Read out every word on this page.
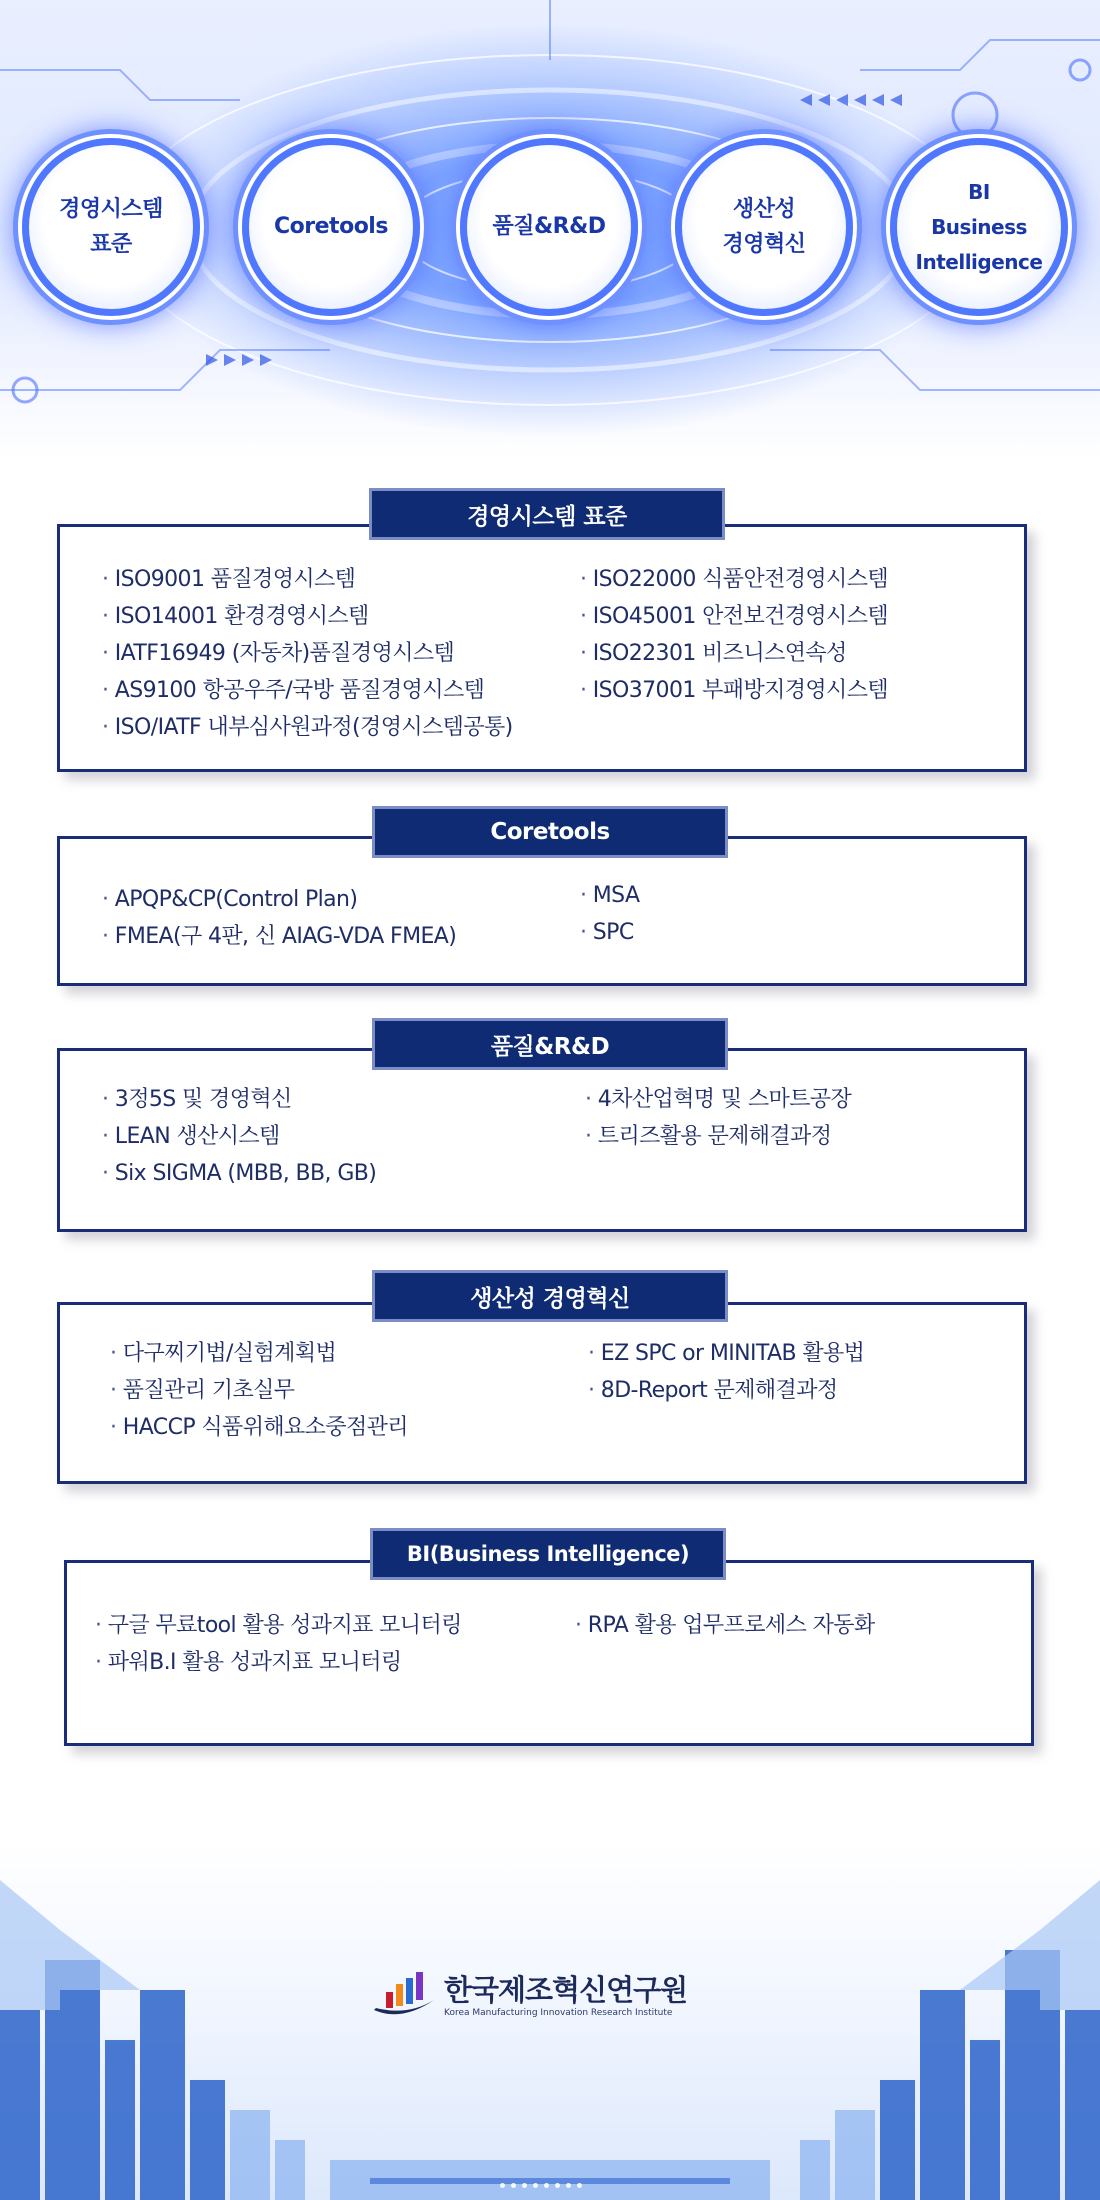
경영시스템
표준
Coretools	품질&R&D
생산성
경영혁신
BI
Business
Intelligence
· ISO9001 품질경영시스템
· ISO14001 환경경영시스템
· IATF16949 (자동차)품질경영시스템
· AS9100 항공우주/국방 품질경영시스템
· ISO/IATF 내부심사원과정(경영시스템공통)
· ISO22000 식품안전경영시스템
· ISO45001 안전보건경영시스템
· ISO22301 비즈니스연속성
· ISO37001 부패방지경영시스템
경영시스템 표준
· APQP&CP(Control Plan)
· FMEA(구 4판, 신 AIAG-VDA FMEA)
· MSA
· SPC
Coretools
· 3정5S 및 경영혁신
· LEAN 생산시스템
· Six SIGMA (MBB, BB, GB)
· 4차산업혁명 및 스마트공장
· 트리즈활용 문제해결과정
품질&R&D
· 다구찌기법/실험계획법
· 품질관리 기초실무
· HACCP 식품위해요소중점관리
· EZ SPC or MINITAB 활용법
· 8D-Report 문제해결과정
생산성 경영혁신
· 구글 무료tool 활용 성과지표 모니터링
· 파워B.I 활용 성과지표 모니터링
· RPA 활용 업무프로세스 자동화
BI(Business Intelligence)
한국제조혁신연구원
Korea Manufacturing Innovation Research Institute
